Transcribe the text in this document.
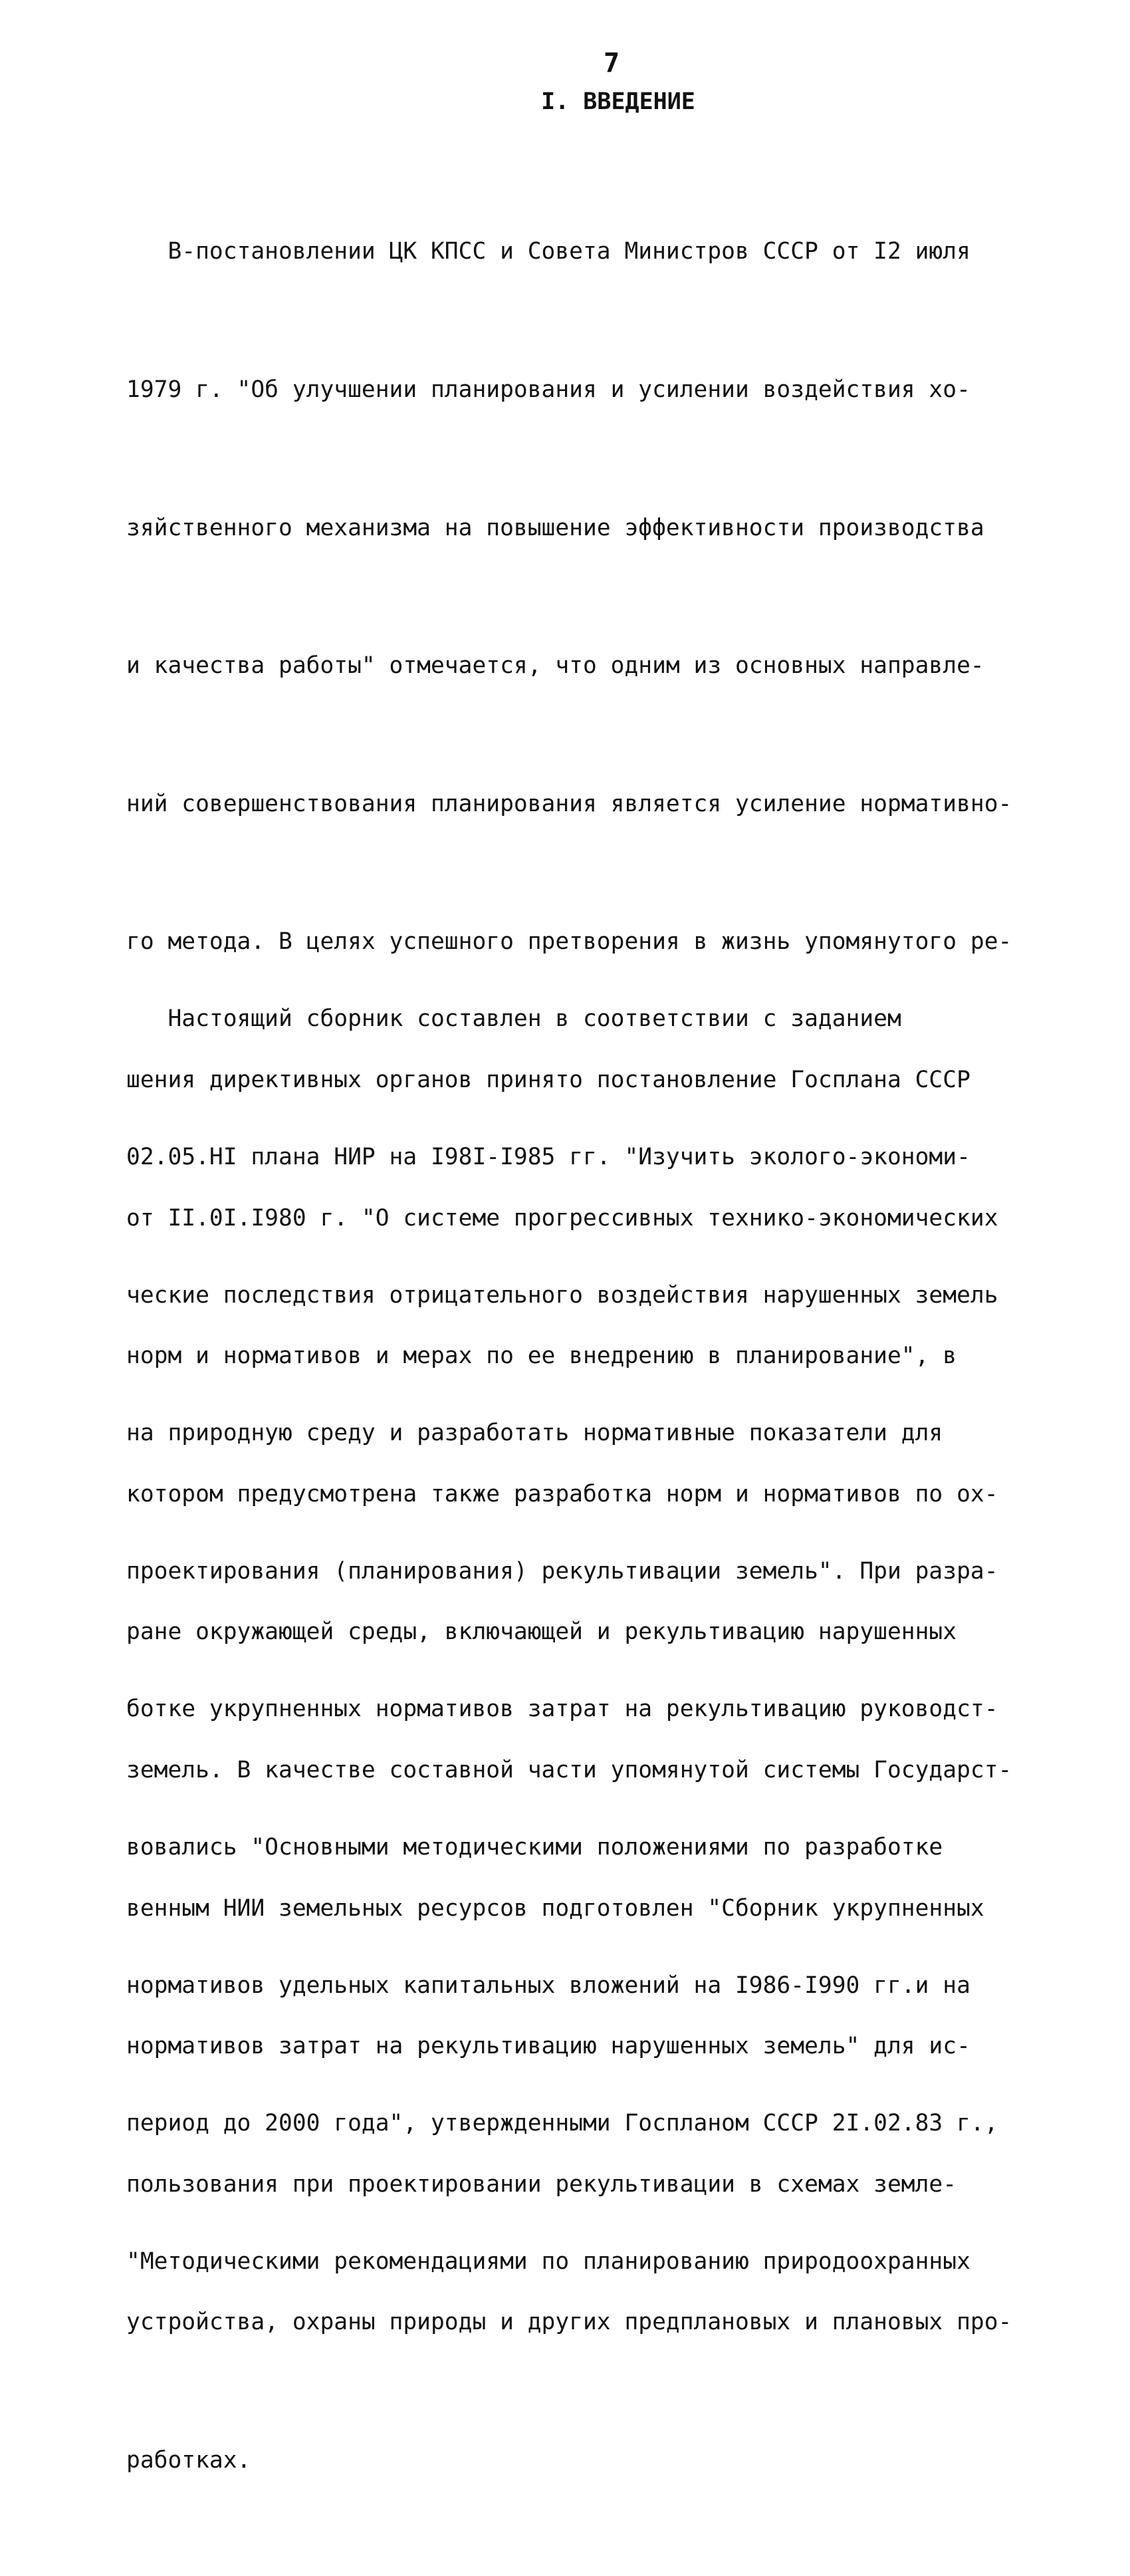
7
I. ВВЕДЕНИЕ

В-постановлении ЦК КПСС и Совета Министров СССР от I2 июля

1979 г. "Об улучшении планирования и усилении воздействия хо-

зяйственного механизма на повышение эффективности производства

и качества работы" отмечается, что одним из основных направле-

ний совершенствования планирования является усиление нормативно-

го метода. В целях успешного претворения в жизнь упомянутого ре-

шения директивных органов принято постановление Госплана СССР

от II.0I.I980 г. "О системе прогрессивных технико-экономических

норм и нормативов и мерах по ее внедрению в планирование", в

котором предусмотрена также разработка норм и нормативов по ох-

ране окружающей среды, включающей и рекультивацию нарушенных

земель. В качестве составной части упомянутой системы Государст-

венным НИИ земельных ресурсов подготовлен "Сборник укрупненных

нормативов затрат на рекультивацию нарушенных земель" для ис-

пользования при проектировании рекультивации в схемах земле-

устройства, охраны природы и других предплановых и плановых про-

работках.

Настоящий сборник составлен в соответствии с заданием

02.05.HI плана НИР на I98I-I985 гг. "Изучить эколого-экономи-

ческие последствия отрицательного воздействия нарушенных земель

на природную среду и разработать нормативные показатели для

проектирования (планирования) рекультивации земель". При разра-

ботке укрупненных нормативов затрат на рекультивацию руководст-

вовались "Основными методическими положениями по разработке

нормативов удельных капитальных вложений на I986-I990 гг.и на

период до 2000 года", утвержденными Госпланом СССР 2I.02.83 г.,

"Методическими рекомендациями по планированию природоохранных
